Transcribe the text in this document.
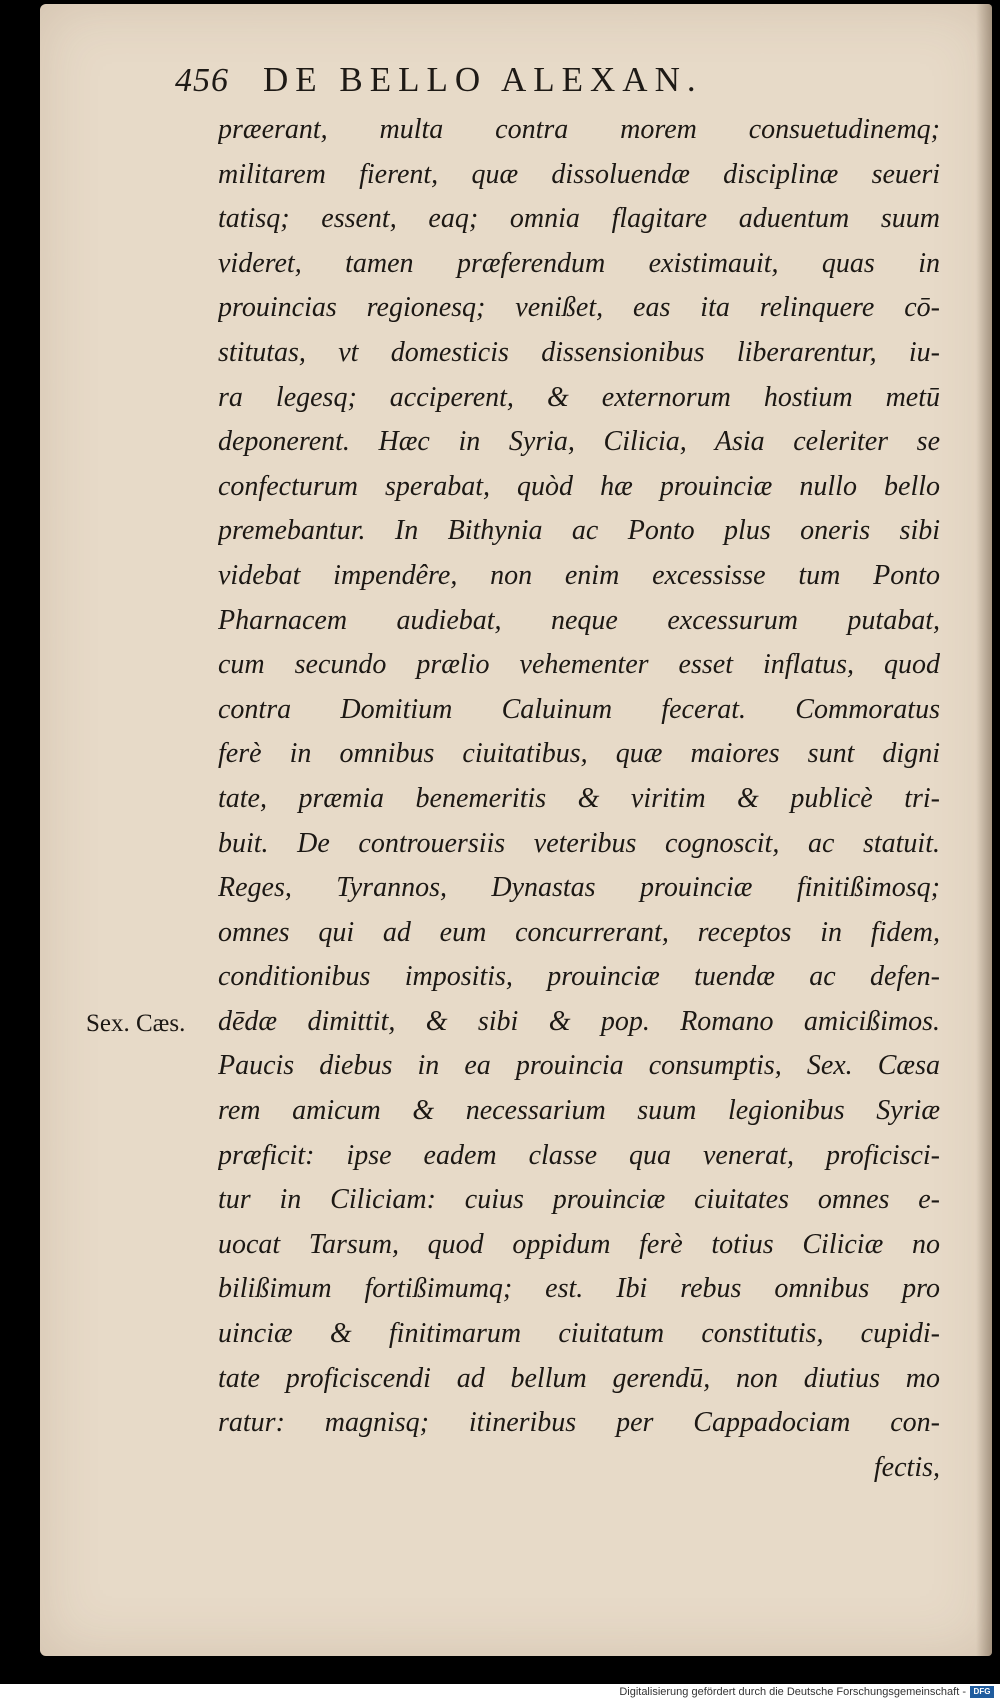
456 DE BELLO ALEXAN.
præerant, multa contra morem consuetudinemq;
militarem fierent, quæ dissoluendæ disciplinæ seueri
tatisq; essent, eaq; omnia flagitare aduentum suum
videret, tamen præferendum existimauit, quas in
prouincias regionesq; venißet, eas ita relinquere cō-
stitutas, vt domesticis dissensionibus liberarentur, iu-
ra legesq; acciperent, & externorum hostium metū
deponerent. Hæc in Syria, Cilicia, Asia celeriter se
confecturum sperabat, quòd hæ prouinciæ nullo bello
premebantur. In Bithynia ac Ponto plus oneris sibi
videbat impendêre, non enim excessisse tum Ponto
Pharnacem audiebat, neque excessurum putabat,
cum secundo prælio vehementer esset inflatus, quod
contra Domitium Caluinum fecerat. Commoratus
ferè in omnibus ciuitatibus, quæ maiores sunt digni
tate, præmia benemeritis & viritim & publicè tri-
buit. De controuersiis veteribus cognoscit, ac statuit.
Reges, Tyrannos, Dynastas prouinciæ finitißimosq;
omnes qui ad eum concurrerant, receptos in fidem,
conditionibus impositis, prouinciæ tuendæ ac defen-
dēdæ dimittit, & sibi & pop. Romano amicißimos.
Paucis diebus in ea prouincia consumptis, Sex. Cæsa
rem amicum & necessarium suum legionibus Syriæ
præficit: ipse eadem classe qua venerat, proficisci-
tur in Ciliciam: cuius prouinciæ ciuitates omnes e-
uocat Tarsum, quod oppidum ferè totius Ciliciæ no
bilißimum fortißimumq; est. Ibi rebus omnibus pro
uinciæ & finitimarum ciuitatum constitutis, cupidi-
tate proficiscendi ad bellum gerendū, non diutius mo
ratur: magnisq; itineribus per Cappadociam con-
fectis,
Sex. Cæs.
Digitalisierung gefördert durch die Deutsche Forschungsgemeinschaft - DFG
